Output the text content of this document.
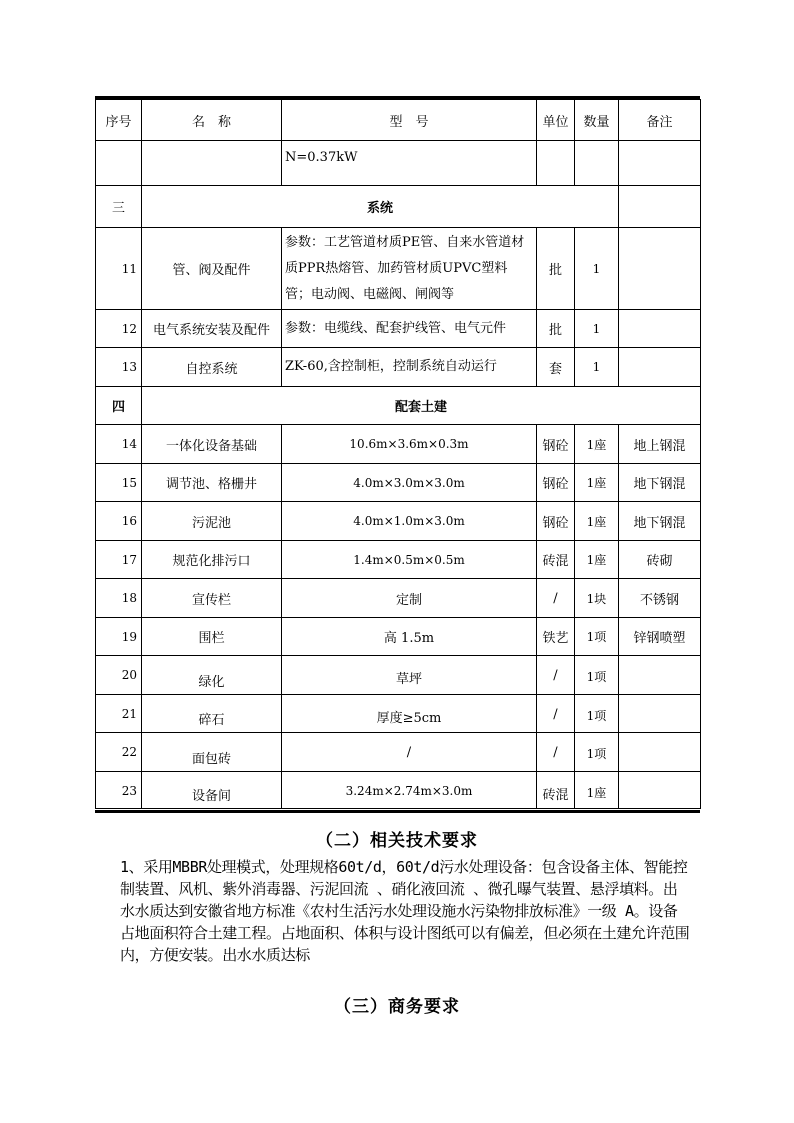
序号	名　称	型　号	单位	数量	备注
		N=0.37kW			
三	系统				
11	管、阀及配件	参数：工艺管道材质PE管、自来水管道材质PPR热熔管、加药管材质UPVC塑料管；电动阀、电磁阀、闸阀等	批	1	
12	电气系统安装及配件	参数：电缆线、配套护线管、电气元件	批	1	
13	自控系统	ZK-60,含控制柜，控制系统自动运行	套	1	
四	配套土建				
14	一体化设备基础	10.6m×3.6m×0.3m	钢砼	1座	地上钢混
15	调节池、格栅井	4.0m×3.0m×3.0m	钢砼	1座	地下钢混
16	污泥池	4.0m×1.0m×3.0m	钢砼	1座	地下钢混
17	规范化排污口	1.4m×0.5m×0.5m	砖混	1座	砖砌
18	宣传栏	定制	/	1块	不锈钢
19	围栏	高 1.5m	铁艺	1项	锌钢喷塑
20	绿化	草坪	/	1项	
21	碎石	厚度≥5cm	/	1项	
22	面包砖	/	/	1项	
23	设备间	3.24m×2.74m×3.0m	砖混	1座	
（二）相关技术要求
1、采用MBBR处理模式，处理规格60t/d，60t/d污水处理设备：包含设备主体、智能控制装置、风机、紫外消毒器、污泥回流 、硝化液回流 、微孔曝气装置、悬浮填料。出水水质达到安徽省地方标准《农村生活污水处理设施水污染物排放标准》一级 A。设备占地面积符合土建工程。占地面积、体积与设计图纸可以有偏差，但必须在土建允许范围内，方便安装。出水水质达标
（三）商务要求
